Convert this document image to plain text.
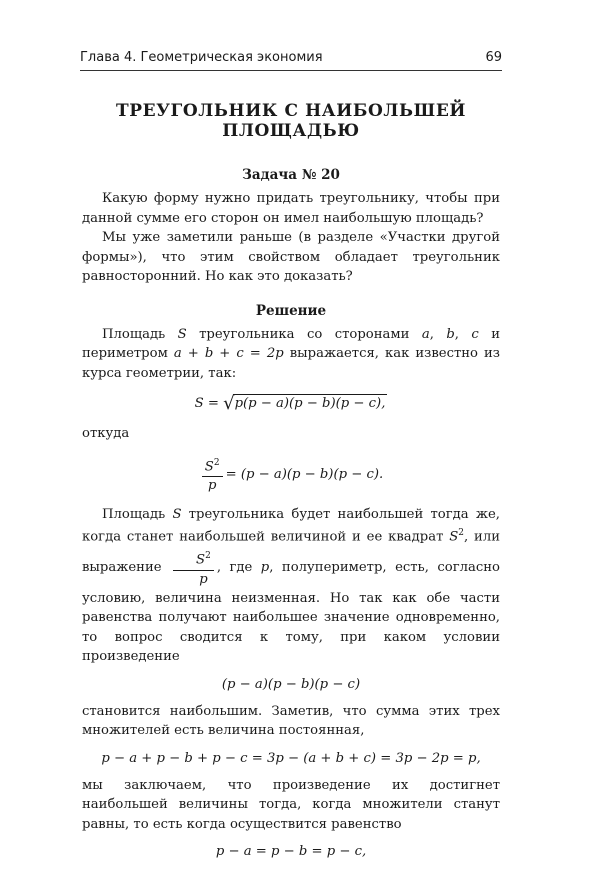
Глава 4. Геометрическая экономия	69
ТРЕУГОЛЬНИК С НАИБОЛЬШЕЙ ПЛОЩАДЬЮ
Задача № 20

Какую форму нужно придать треугольнику, чтобы при данной сумме его сторон он имел наибольшую площадь?

Мы уже заметили раньше (в разделе «Участки другой формы»), что этим свойством обладает треугольник равносторонний. Но как это доказать?

Решение

Площадь S треугольника со сторонами a, b, c и периметром a + b + c = 2p выражается, как известно из курса геометрии, так:

S = √p(p − a)(p − b)(p − c),

откуда

$\frac{S^2}{p} = (p - a)(p - b)(p - c)$.

Площадь S треугольника будет наибольшей тогда же, когда станет наибольшей величиной и ее квадрат $S^2$, или выражение $\frac{S^2}{p}$ , где p, полупериметр, есть, согласно условию, величина неизменная. Но так как обе части равенства получают наибольшее значение одновременно, то вопрос сводится к тому, при каком условии произведение

(p − a)(p − b)(p − c)

становится наибольшим. Заметив, что сумма этих трех множителей есть величина постоянная,

p − a + p − b + p − c = 3p − (a + b + c) = 3p − 2p = p,

мы заключаем, что произведение их достигнет наибольшей величины тогда, когда множители станут равны, то есть когда осуществится равенство

p − a = p − b = p − c,
